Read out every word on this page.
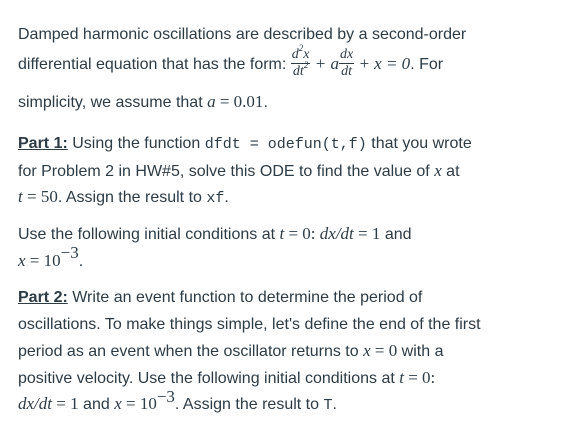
Damped harmonic oscillations are described by a second-order
differential equation that has the form: $\frac{d^2x}{dt^2} + a \frac{dx}{dt} + x = 0$. For
simplicity, we assume that a = 0.01.
Part 1: Using the function dfdt = odefun(t,f) that you wrote
for Problem 2 in HW#5, solve this ODE to find the value of x at
t = 50. Assign the result to xf.
Use the following initial conditions at t = 0: dx/dt = 1 and
$x = 10^{-3}$.
Part 2: Write an event function to determine the period of
oscillations. To make things simple, let's define the end of the first
period as an event when the oscillator returns to x = 0 with a
positive velocity. Use the following initial conditions at t = 0:
dx/dt = 1 and $x = 10^{-3}$. Assign the result to T.
